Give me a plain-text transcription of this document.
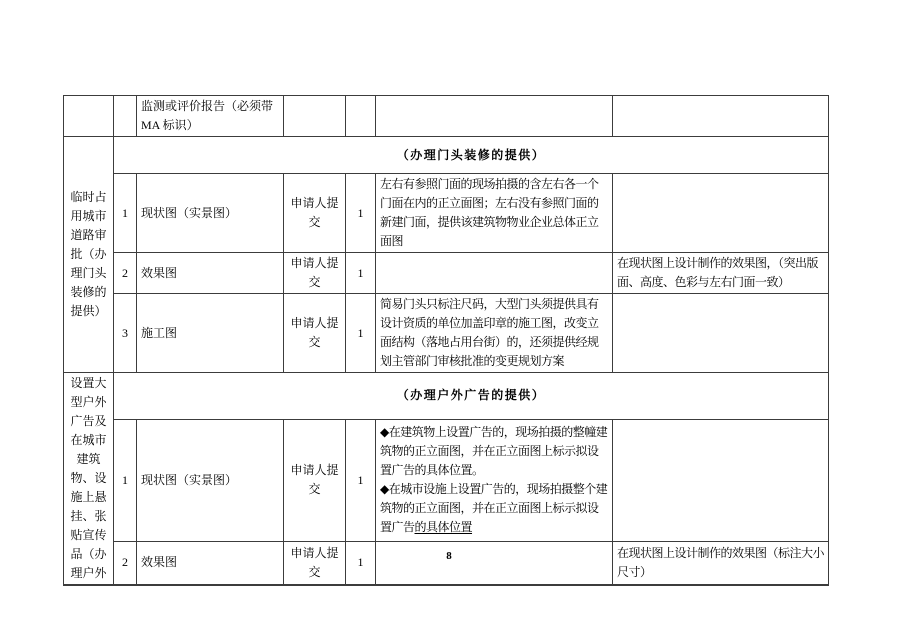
		监测或评价报告（必须带 MA 标识）				
临时占用城市道路审批（办理门头装修的提供）	（办理门头装修的提供）					
	1	现状图（实景图）	申请人提交	1	左右有参照门面的现场拍摄的含左右各一个门面在内的正立面图；左右没有参照门面的新建门面，提供该建筑物物业企业总体正立面图	
	2	效果图	申请人提交	1		在现状图上设计制作的效果图，（突出版面、高度、色彩与左右门面一致）
	3	施工图	申请人提交	1	简易门头只标注尺码，大型门头须提供具有设计资质的单位加盖印章的施工图，改变立面结构（落地占用台街）的，还须提供经规划主管部门审核批准的变更规划方案	
设置大型户外广告及在城市建筑物、设施上悬挂、张贴宣传品（办理户外	（办理户外广告的提供）					
	1	现状图（实景图）	申请人提交	1	◆在建筑物上设置广告的，现场拍摄的整幢建筑物的正立面图，并在正立面图上标示拟设置广告的具体位置。
◆在城市设施上设置广告的，现场拍摄整个建筑物的正立面图，并在正立面图上标示拟设置广告的具体位置	

	2	效果图	申请人提交	1		在现状图上设计制作的效果图（标注大小尺寸）
8
